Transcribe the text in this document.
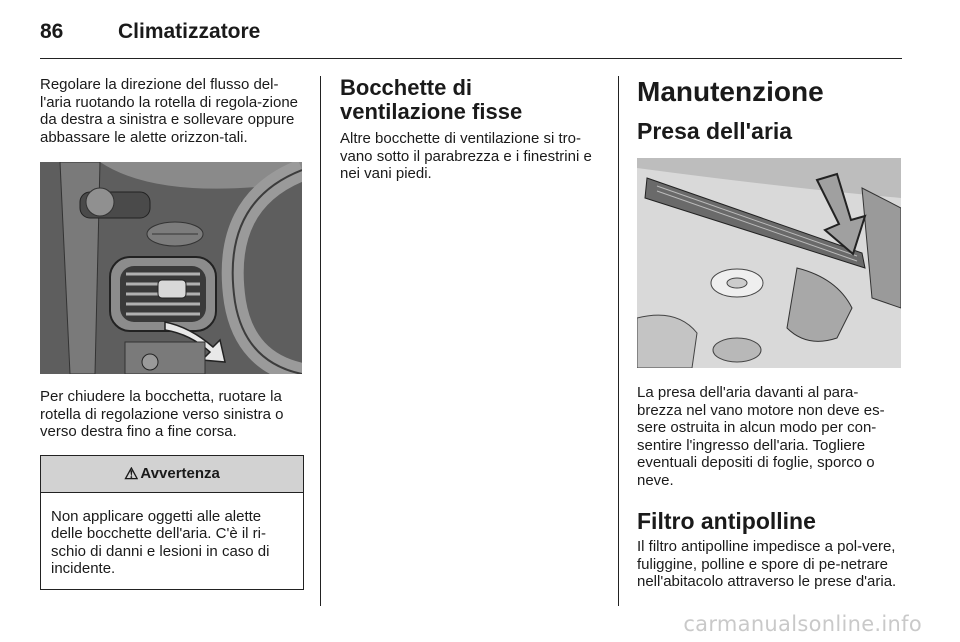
86	Climatizzatore

Regolare la direzione del flusso del-l'aria ruotando la rotella di regola-zione da destra a sinistra e sollevare oppure abbassare le alette orizzon-tali.

Per chiudere la bocchetta, ruotare la rotella di regolazione verso sinistra o verso destra fino a fine corsa.

⚠ Avvertenza

Non applicare oggetti alle alette delle bocchette dell'aria. C'è il ri-schio di danni e lesioni in caso di incidente.

Bocchette di ventilazione fisse

Altre bocchette di ventilazione si tro-vano sotto il parabrezza e i finestrini e nei vani piedi.

Manutenzione
Presa dell'aria

La presa dell'aria davanti al para-brezza nel vano motore non deve es-sere ostruita in alcun modo per con-sentire l'ingresso dell'aria. Togliere eventuali depositi di foglie, sporco o neve.

Filtro antipolline

Il filtro antipolline impedisce a pol-vere, fuliggine, polline e spore di pe-netrare nell'abitacolo attraverso le prese d'aria.

carmanualsonline.info
